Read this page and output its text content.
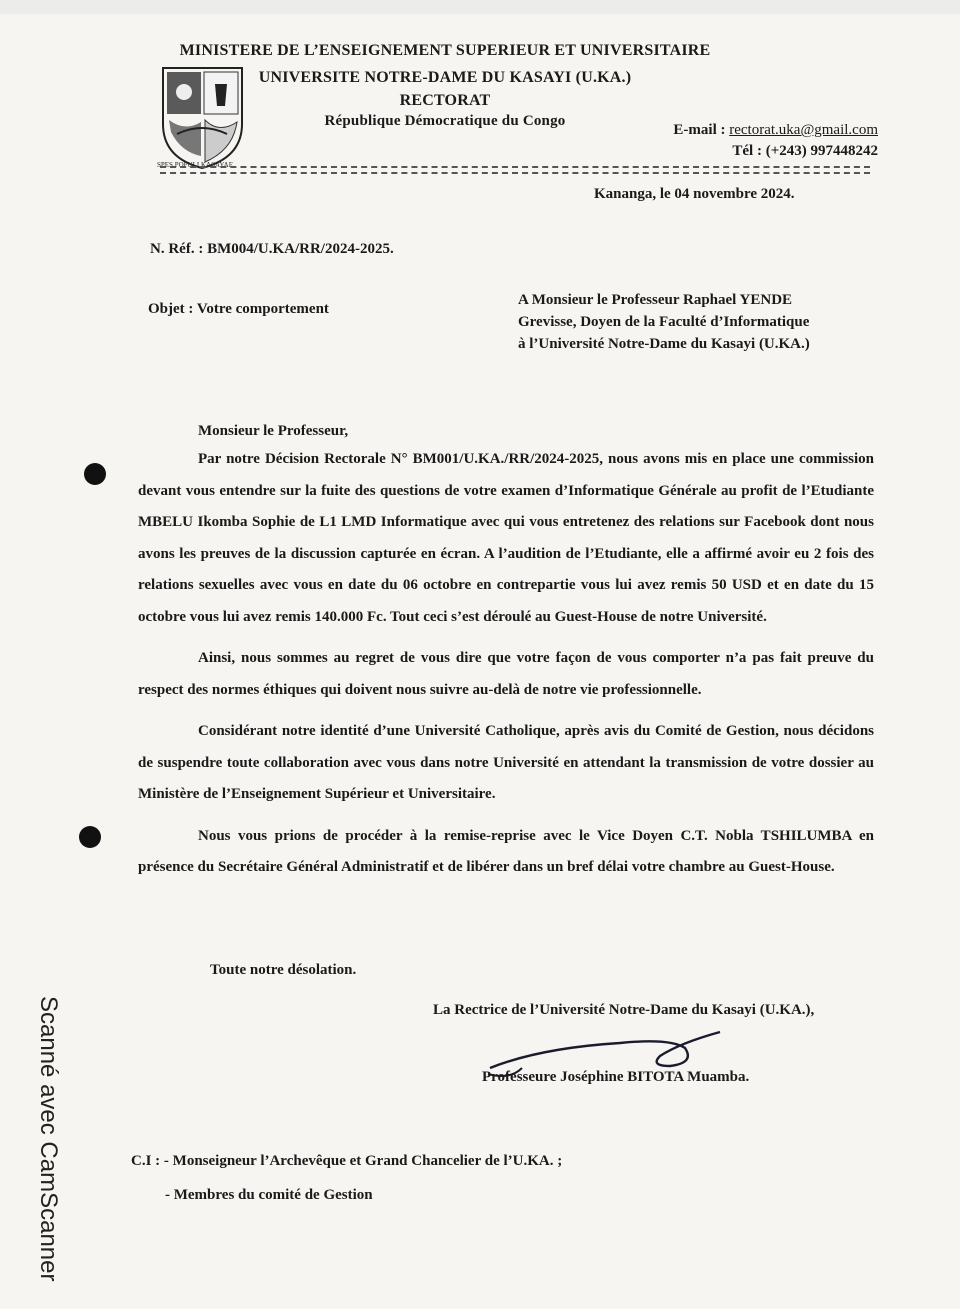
SPES POPULI KASAYAE
MINISTERE DE L’ENSEIGNEMENT SUPERIEUR ET UNIVERSITAIRE
UNIVERSITE NOTRE-DAME DU KASAYI (U.KA.)
RECTORAT
République Démocratique du Congo
E-mail : rectorat.uka@gmail.com
Tél : (+243) 997448242
Kananga, le 04 novembre 2024.
N. Réf. : BM004/U.KA/RR/2024-2025.
Objet : Votre comportement
A Monsieur le Professeur Raphael YENDE
Grevisse, Doyen de la Faculté d’Informatique
à l’Université Notre-Dame du Kasayi (U.KA.)
Monsieur le Professeur,

Par notre Décision Rectorale N° BM001/U.KA./RR/2024-2025, nous avons mis en place une commission devant vous entendre sur la fuite des questions de votre examen d’Informatique Générale au profit de l’Etudiante MBELU Ikomba Sophie de L1 LMD Informatique avec qui vous entretenez des relations sur Facebook dont nous avons les preuves de la discussion capturée en écran. A l’audition de l’Etudiante, elle a affirmé avoir eu 2 fois des relations sexuelles avec vous en date du 06 octobre en contrepartie vous lui avez remis 50 USD et en date du 15 octobre vous lui avez remis 140.000 Fc. Tout ceci s’est déroulé au Guest-House de notre Université.

Ainsi, nous sommes au regret de vous dire que votre façon de vous comporter n’a pas fait preuve du respect des normes éthiques qui doivent nous suivre au-delà de notre vie professionnelle.

Considérant notre identité d’une Université Catholique, après avis du Comité de Gestion, nous décidons de suspendre toute collaboration avec vous dans notre Université en attendant la transmission de votre dossier au Ministère de l’Enseignement Supérieur et Universitaire.

Nous vous prions de procéder à la remise-reprise avec le Vice Doyen C.T. Nobla TSHILUMBA en présence du Secrétaire Général Administratif et de libérer dans un bref délai votre chambre au Guest-House.

Toute notre désolation.
La Rectrice de l’Université Notre-Dame du Kasayi (U.KA.),
Professeure Joséphine BITOTA Muamba.
C.I : - Monseigneur l’Archevêque et Grand Chancelier de l’U.KA. ;
- Membres du comité de Gestion
Scanné avec CamScanner
